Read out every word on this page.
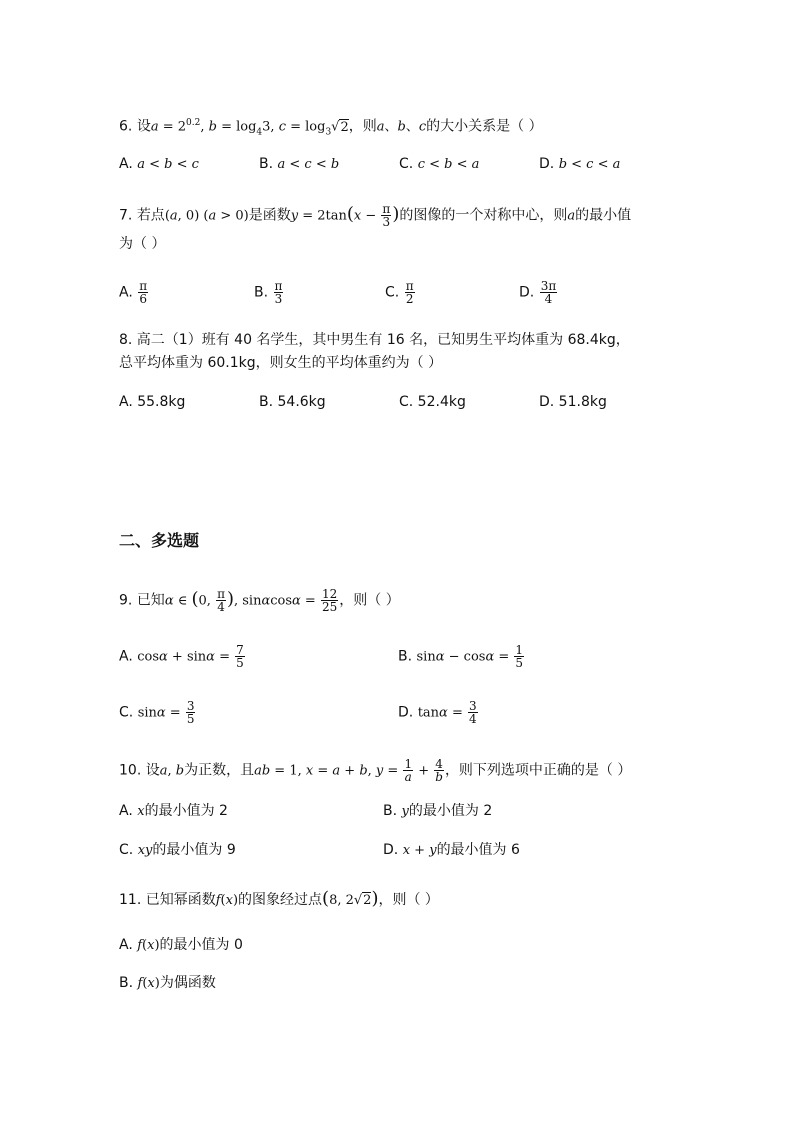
6. 设$a = 2^{0.2}$, $b = \log_43$, $c = \log_3√2$，则a、b、c的大小关系是（ ）
A. a < b < c	B. a < c < b	C. c < b < a	D. b < c < a
7. 若点(a, 0) (a > 0)是函数$y = 2\tan(x - \frac{\pi}{3}$ )的图像的一个对称中心，则a的最小值
为（ ）
A. $\frac{\pi}{6}$	B. $\frac{\pi}{3}$	C. $\frac{\pi}{2}$	D. $\frac{3\pi}{4}$
8. 高二（1）班有 40 名学生，其中男生有 16 名，已知男生平均体重为 68.4kg，
总平均体重为 60.1kg，则女生的平均体重约为（ ）
A. 55.8kg	B. 54.6kg	C. 52.4kg	D. 51.8kg
二、多选题
9. 已知α ∈ (0, $\frac{\pi}{4}$ ), $\sin\alpha\cos\alpha = \frac{12}{25}$ ，则（ ）
A. $\cos\alpha + \sin\alpha = \frac{7}{5}$	B. $\sin\alpha - \cos\alpha = \frac{1}{5}$
C. $\sin\alpha = \frac{3}{5}$	D. $\tan\alpha = \frac{3}{4}$
10. 设a, b为正数，且ab = 1, x = a + b, $y = \frac{1}{a} + \frac{4}{b}$ ，则下列选项中正确的是（ ）
A. x的最小值为 2	B. y的最小值为 2
C. xy的最小值为 9	D. x + y的最小值为 6
11. 已知幂函数f(x)的图象经过点(8, 2√2)，则（ ）
A. f(x)的最小值为 0
B. f(x)为偶函数
